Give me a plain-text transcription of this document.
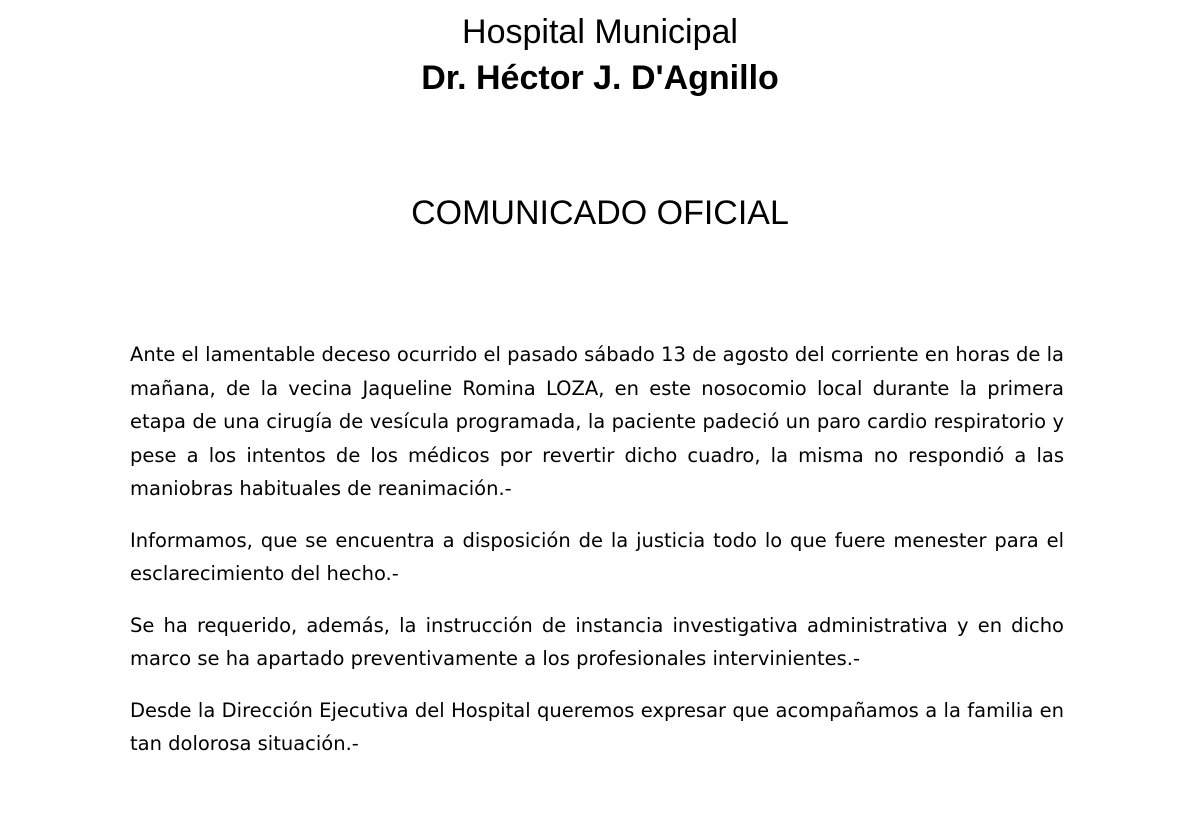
Hospital Municipal
Dr. Héctor J. D'Agnillo
COMUNICADO OFICIAL

Ante el lamentable deceso ocurrido el pasado sábado 13 de agosto del corriente en horas de la mañana, de la vecina Jaqueline Romina LOZA, en este nosocomio local durante la primera etapa de una cirugía de vesícula programada, la paciente padeció un paro cardio respiratorio y pese a los intentos de los médicos por revertir dicho cuadro, la misma no respondió a las maniobras habituales de reanimación.-

Informamos, que se encuentra a disposición de la justicia todo lo que fuere menester para el esclarecimiento del hecho.-

Se ha requerido, además, la instrucción de instancia investigativa administrativa y en dicho marco se ha apartado preventivamente a los profesionales intervinientes.-

Desde la Dirección Ejecutiva del Hospital queremos expresar que acompañamos a la familia en tan dolorosa situación.-
